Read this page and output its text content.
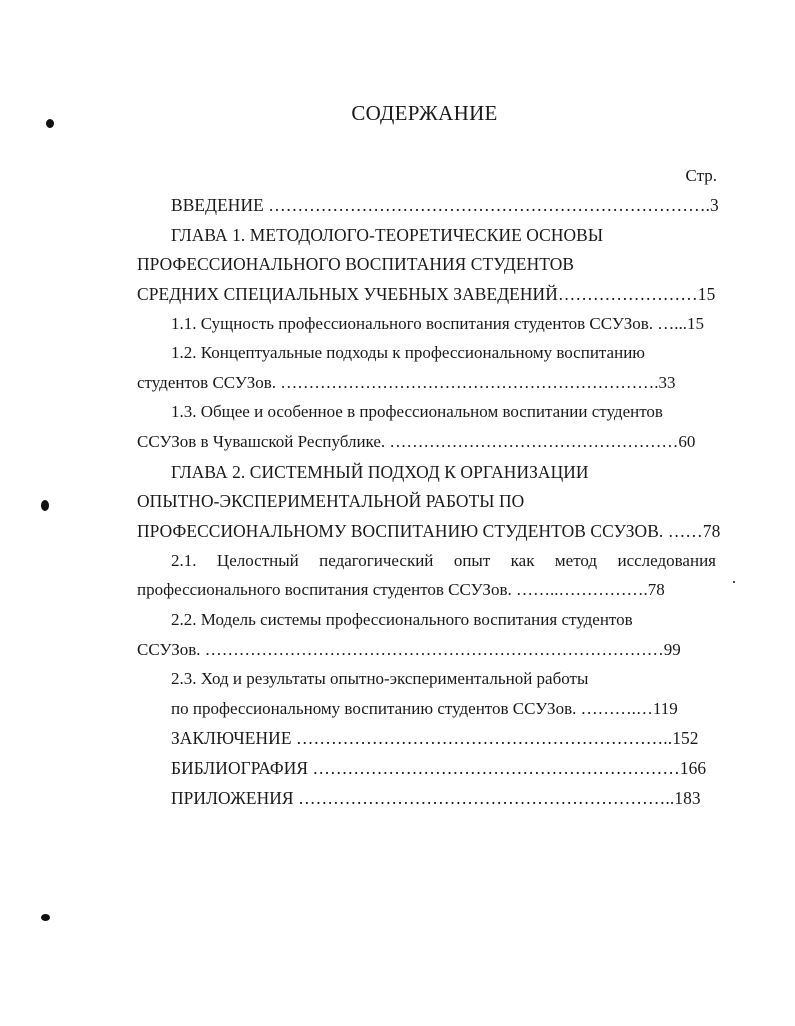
СОДЕРЖАНИЕ
Стр.
ВВЕДЕНИЕ ………………………………………………………………….3
ГЛАВА 1. МЕТОДОЛОГО-ТЕОРЕТИЧЕСКИЕ ОСНОВЫ
ПРОФЕССИОНАЛЬНОГО ВОСПИТАНИЯ СТУДЕНТОВ
СРЕДНИХ СПЕЦИАЛЬНЫХ УЧЕБНЫХ ЗАВЕДЕНИЙ……………………15
1.1. Сущность профессионального воспитания студентов ССУЗов. …...15
1.2. Концептуальные подходы к профессиональному воспитанию
студентов ССУЗов. ………………………………………………………….33
1.3. Общее и особенное в профессиональном воспитании студентов
ССУЗов в Чувашской Республике. ……………………………………………60
ГЛАВА 2. СИСТЕМНЫЙ ПОДХОД К ОРГАНИЗАЦИИ
ОПЫТНО-ЭКСПЕРИМЕНТАЛЬНОЙ РАБОТЫ ПО
ПРОФЕССИОНАЛЬНОМУ ВОСПИТАНИЮ СТУДЕНТОВ ССУЗОВ. ……78
2.1. Целостный педагогический опыт как метод исследования
профессионального воспитания студентов ССУЗов. ……..…………….78
2.2. Модель системы профессионального воспитания студентов
ССУЗов. ………………………………………………………………………99
2.3. Ход и результаты опытно-экспериментальной работы
по профессиональному воспитанию студентов ССУЗов. ……….…119
ЗАКЛЮЧЕНИЕ ………………………………………………………..152
БИБЛИОГРАФИЯ ………………………………………………………166
ПРИЛОЖЕНИЯ ………………………………………………………..183
